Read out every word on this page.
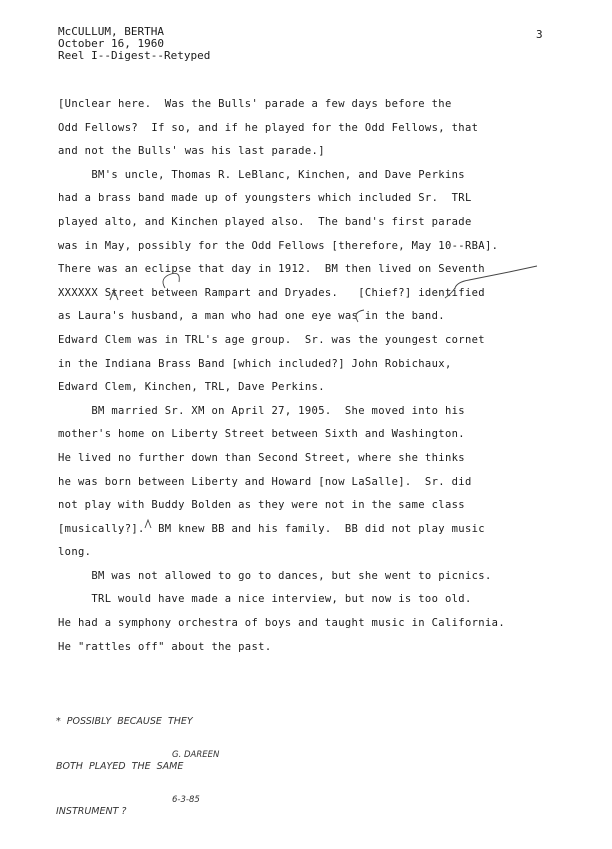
McCULLUM, BERTHA
October 16, 1960
Reel I--Digest--Retyped
3
[Unclear here.  Was the Bulls' parade a few days before the
Odd Fellows?  If so, and if he played for the Odd Fellows, that
and not the Bulls' was his last parade.]
BM's uncle, Thomas R. LeBlanc, Kinchen, and Dave Perkins
had a brass band made up of youngsters which included Sr.  TRL
played alto, and Kinchen played also.  The band's first parade
was in May, possibly for the Odd Fellows [therefore, May 10--RBA].
There was an eclipse that day in 1912.  BM then lived on Seventh
XXXXXX Street between Rampart and Dryades.   [Chief?] identified
as Laura's husband, a man who had one eye was in the band.
Edward Clem was in TRL's age group.  Sr. was the youngest cornet
in the Indiana Brass Band [which included?] John Robichaux,
Edward Clem, Kinchen, TRL, Dave Perkins.
BM married Sr. XM on April 27, 1905.  She moved into his
mother's home on Liberty Street between Sixth and Washington.
He lived no further down than Second Street, where she thinks
he was born between Liberty and Howard [now LaSalle].  Sr. did
not play with Buddy Bolden as they were not in the same class
[musically?].  BM knew BB and his family.  BB did not play music
long.
BM was not allowed to go to dances, but she went to picnics.
TRL would have made a nice interview, but now is too old.
He had a symphony orchestra of boys and taught music in California.
He "rattles off" about the past.

*  POSSIBLY  BECAUSE  THEY

BOTH  PLAYED  THE  SAME

INSTRUMENT ?

G. DAREEN

6-3-85
